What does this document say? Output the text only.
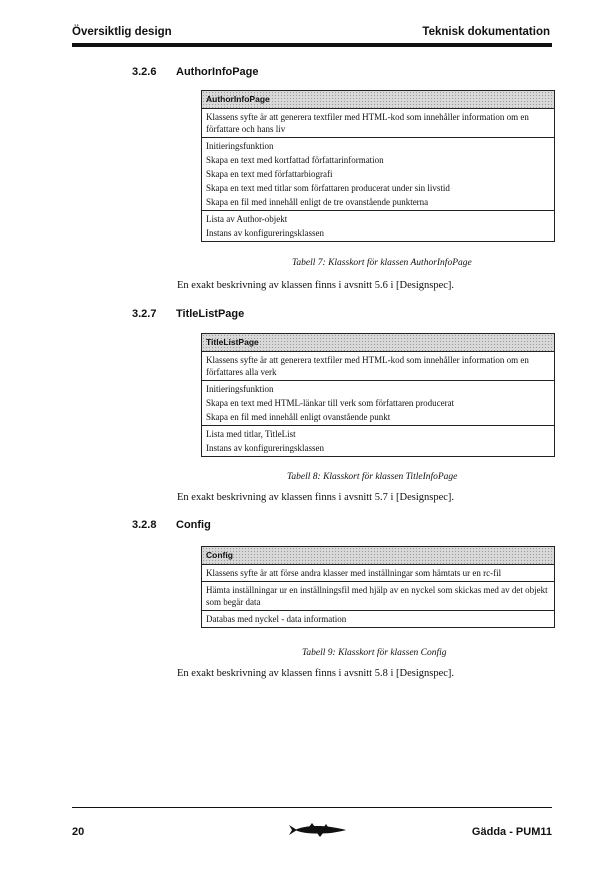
Översiktlig design	Teknisk dokumentation
3.2.6 AuthorInfoPage
AuthorInfoPage
Klassens syfte är att generera textfiler med HTML-kod som innehåller information om en författare och hans liv
Initieringsfunktion
Skapa en text med kortfattad författarinformation
Skapa en text med författarbiografi
Skapa en text med titlar som författaren producerat under sin livstid
Skapa en fil med innehåll enligt de tre ovanstående punkterna
Lista av Author-objekt
Instans av konfigureringsklassen
Tabell 7: Klasskort för klassen AuthorInfoPage
En exakt beskrivning av klassen finns i avsnitt 5.6 i [Designspec].
3.2.7 TitleListPage
TitleListPage
Klassens syfte är att generera textfiler med HTML-kod som innehåller information om en författares alla verk
Initieringsfunktion
Skapa en text med HTML-länkar till verk som författaren producerat
Skapa en fil med innehåll enligt ovanstående punkt
Lista med titlar, TitleList
Instans av konfigureringsklassen
Tabell 8: Klasskort för klassen TitleInfoPage
En exakt beskrivning av klassen finns i avsnitt 5.7 i [Designspec].
3.2.8 Config
Config
Klassens syfte är att förse andra klasser med inställningar som hämtats ur en rc-fil
Hämta inställningar ur en inställningsfil med hjälp av en nyckel som skickas med av det objekt som begär data
Databas med nyckel - data information
Tabell 9: Klasskort för klassen Config
En exakt beskrivning av klassen finns i avsnitt 5.8 i [Designspec].
20	Gädda - PUM11
